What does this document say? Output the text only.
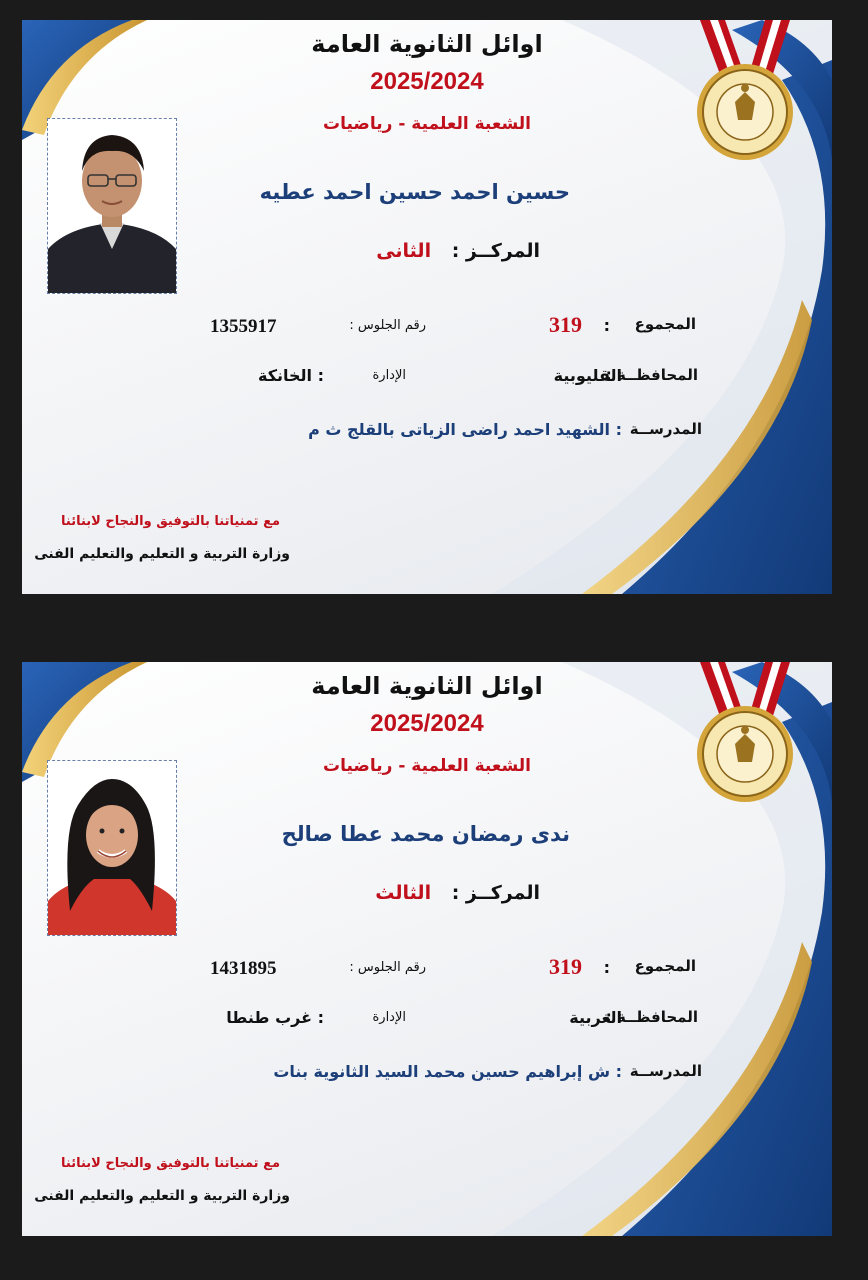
اوائل الثانوية العامة
2025/2024
الشعبة العلمية - رياضيات
حسين احمد حسين احمد عطيه
المركــز : الثانى
المجموع
:
319
رقم الجلوس :
1355917
المحافظــة :
القليوبية
الإدارة
: الخانكة
المدرســة
: الشهيد احمد راضى الزياتى بالقلج ث م
مع تمنياتنا بالتوفيق والنجاح لابنائنا
وزارة التربية و التعليم والتعليم الفنى
اوائل الثانوية العامة
2025/2024
الشعبة العلمية - رياضيات
ندى رمضان محمد عطا صالح
المركــز : الثالث
المجموع
:
319
رقم الجلوس :
1431895
المحافظــة :
الغربية
الإدارة
: غرب طنطا
المدرســة
: ش إبراهيم حسين محمد السيد الثانوية بنات
مع تمنياتنا بالتوفيق والنجاح لابنائنا
وزارة التربية و التعليم والتعليم الفنى
